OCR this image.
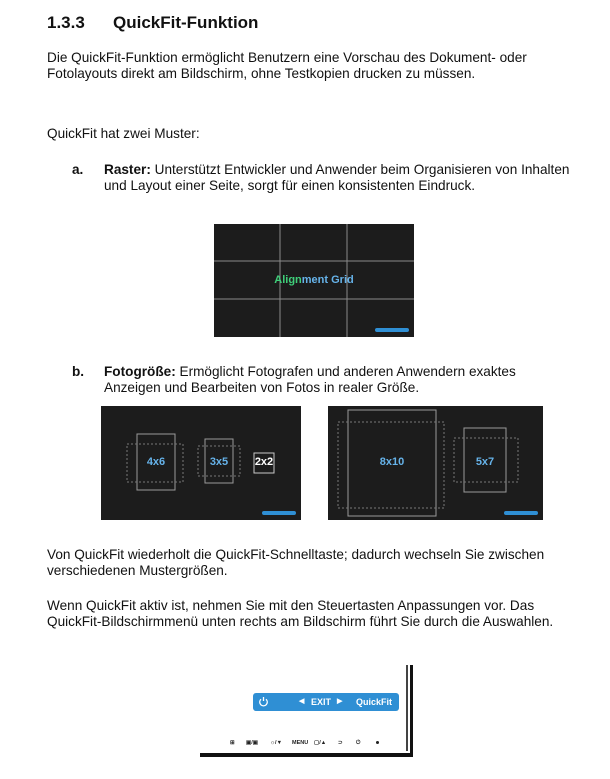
1.3.3 QuickFit-Funktion
Die QuickFit-Funktion ermöglicht Benutzern eine Vorschau des Dokument- oder Fotolayouts direkt am Bildschirm, ohne Testkopien drucken zu müssen.
QuickFit hat zwei Muster:
a. Raster: Unterstützt Entwickler und Anwender beim Organisieren von Inhalten und Layout einer Seite, sorgt für einen konsistenten Eindruck.
Alignment Grid
b. Fotogröße: Ermöglicht Fotografen und anderen Anwendern exaktes Anzeigen und Bearbeiten von Fotos in realer Größe.
4x6	3x5	2x2	8x10	5x7
Von QuickFit wiederholt die QuickFit-Schnelltaste; dadurch wechseln Sie zwischen verschiedenen Mustergrößen.
Wenn QuickFit aktiv ist, nehmen Sie mit den Steuertasten Anpassungen vor. Das QuickFit-Bildschirmmenü unten rechts am Bildschirm führt Sie durch die Auswahlen.
◀ EXIT ▶ QuickFit
⊞ ▣/▣ ☼/▼ MENU ▢/▲ ⊃ ⏻
